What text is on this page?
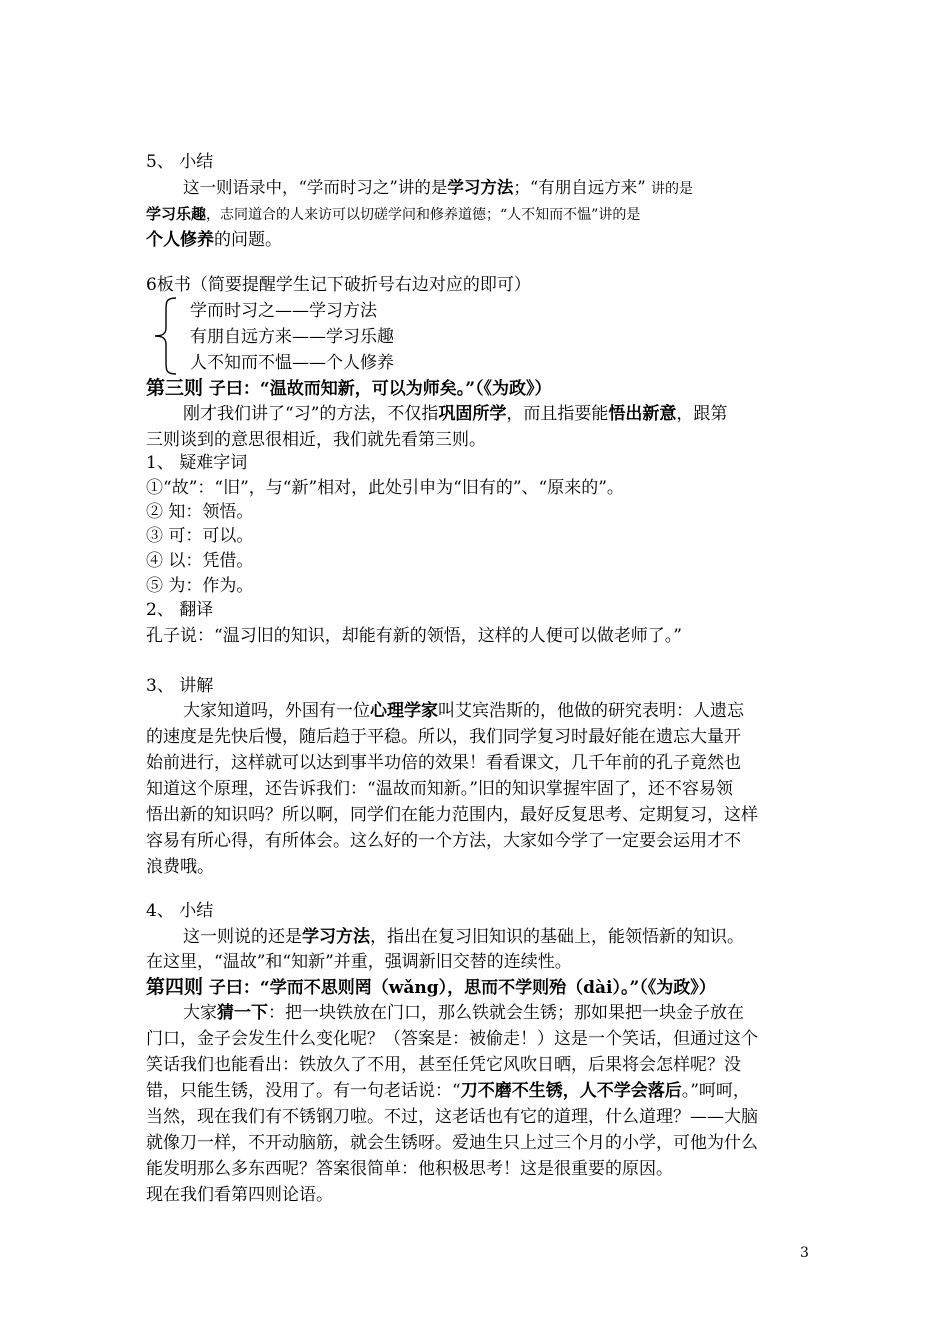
5、 小结
这一则语录中，“学而时习之”讲的是学习方法；“有朋自远方来” 讲的是
学习乐趣，志同道合的人来访可以切磋学问和修养道德；“人不知而不愠”讲的是
个人修养的问题。
6板书（简要提醒学生记下破折号右边对应的即可）
学而时习之——学习方法
有朋自远方来——学习乐趣
人不知而不愠——个人修养
第三则 子曰：“温故而知新，可以为师矣。”（《为政》）
刚才我们讲了“习”的方法，不仅指巩固所学，而且指要能悟出新意，跟第
三则谈到的意思很相近，我们就先看第三则。
1、 疑难字词
①“故”：“旧”，与“新”相对，此处引申为“旧有的”、“原来的”。
② 知：领悟。
③ 可：可以。
④ 以：凭借。
⑤ 为：作为。
2、 翻译
孔子说：“温习旧的知识，却能有新的领悟，这样的人便可以做老师了。”
3、 讲解
大家知道吗，外国有一位心理学家叫艾宾浩斯的，他做的研究表明：人遗忘
的速度是先快后慢，随后趋于平稳。所以，我们同学复习时最好能在遗忘大量开
始前进行，这样就可以达到事半功倍的效果！看看课文，几千年前的孔子竟然也
知道这个原理，还告诉我们：“温故而知新。”旧的知识掌握牢固了，还不容易领
悟出新的知识吗？所以啊，同学们在能力范围内，最好反复思考、定期复习，这样
容易有所心得，有所体会。这么好的一个方法，大家如今学了一定要会运用才不
浪费哦。
4、 小结
这一则说的还是学习方法，指出在复习旧知识的基础上，能领悟新的知识。
在这里，“温故”和“知新”并重，强调新旧交替的连续性。
第四则 子曰：“学而不思则罔（wǎng），思而不学则殆（dài）。”（《为政》）
大家猜一下：把一块铁放在门口，那么铁就会生锈；那如果把一块金子放在
门口，金子会发生什么变化呢？（答案是：被偷走！）这是一个笑话，但通过这个
笑话我们也能看出：铁放久了不用，甚至任凭它风吹日晒，后果将会怎样呢？没
错，只能生锈，没用了。有一句老话说：“刀不磨不生锈，人不学会落后。”呵呵，
当然，现在我们有不锈钢刀啦。不过，这老话也有它的道理，什么道理？——大脑
就像刀一样，不开动脑筋，就会生锈呀。爱迪生只上过三个月的小学，可他为什么
能发明那么多东西呢？答案很简单：他积极思考！这是很重要的原因。
现在我们看第四则论语。
3
